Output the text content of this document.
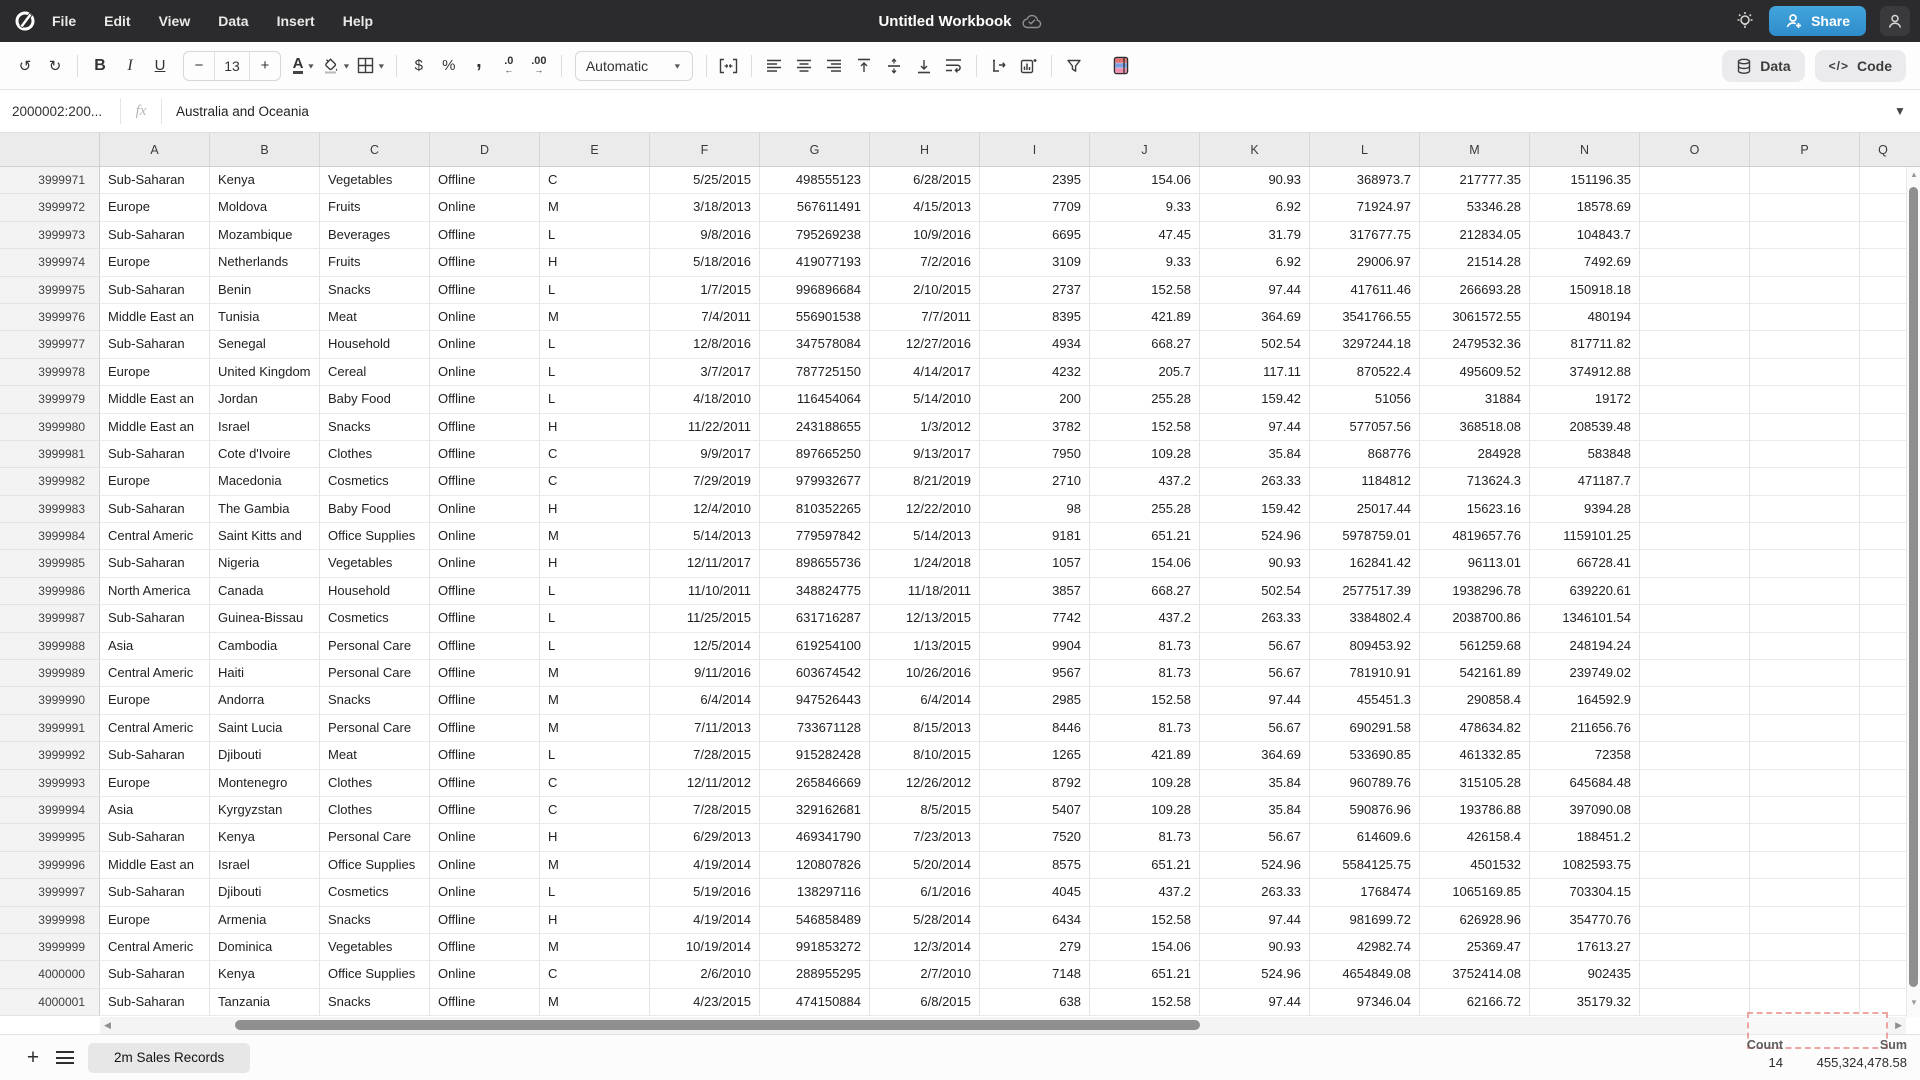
File Edit View Data Insert Help	Untitled Workbook	Share
↺	↻	B	I	U	−	13	+	A ▼	▼	▼	$	%	,	.0
←
.00
→	Automatic	▼	Data	</> Code
2000002:200...	fx	Australia and Oceania	▼
A	B	C	D	E	F	G	H	I	J	K	L	M	N	O	P	Q
3999971	Sub-Saharan	Kenya	Vegetables	Offline	C	5/25/2015	498555123	6/28/2015	2395	154.06	90.93	368973.7	217777.35	151196.35
3999972	Europe	Moldova	Fruits	Online	M	3/18/2013	567611491	4/15/2013	7709	9.33	6.92	71924.97	53346.28	18578.69
3999973	Sub-Saharan	Mozambique	Beverages	Offline	L	9/8/2016	795269238	10/9/2016	6695	47.45	31.79	317677.75	212834.05	104843.7
3999974	Europe	Netherlands	Fruits	Offline	H	5/18/2016	419077193	7/2/2016	3109	9.33	6.92	29006.97	21514.28	7492.69
3999975	Sub-Saharan	Benin	Snacks	Offline	L	1/7/2015	996896684	2/10/2015	2737	152.58	97.44	417611.46	266693.28	150918.18
3999976	Middle East an	Tunisia	Meat	Online	M	7/4/2011	556901538	7/7/2011	8395	421.89	364.69	3541766.55	3061572.55	480194
3999977	Sub-Saharan	Senegal	Household	Online	L	12/8/2016	347578084	12/27/2016	4934	668.27	502.54	3297244.18	2479532.36	817711.82
3999978	Europe	United Kingdom	Cereal	Online	L	3/7/2017	787725150	4/14/2017	4232	205.7	117.11	870522.4	495609.52	374912.88
3999979	Middle East an	Jordan	Baby Food	Offline	L	4/18/2010	116454064	5/14/2010	200	255.28	159.42	51056	31884	19172
3999980	Middle East an	Israel	Snacks	Offline	H	11/22/2011	243188655	1/3/2012	3782	152.58	97.44	577057.56	368518.08	208539.48
3999981	Sub-Saharan	Cote d'Ivoire	Clothes	Offline	C	9/9/2017	897665250	9/13/2017	7950	109.28	35.84	868776	284928	583848
3999982	Europe	Macedonia	Cosmetics	Offline	C	7/29/2019	979932677	8/21/2019	2710	437.2	263.33	1184812	713624.3	471187.7
3999983	Sub-Saharan	The Gambia	Baby Food	Online	H	12/4/2010	810352265	12/22/2010	98	255.28	159.42	25017.44	15623.16	9394.28
3999984	Central Americ	Saint Kitts and	Office Supplies	Online	M	5/14/2013	779597842	5/14/2013	9181	651.21	524.96	5978759.01	4819657.76	1159101.25
3999985	Sub-Saharan	Nigeria	Vegetables	Online	H	12/11/2017	898655736	1/24/2018	1057	154.06	90.93	162841.42	96113.01	66728.41
3999986	North America	Canada	Household	Offline	L	11/10/2011	348824775	11/18/2011	3857	668.27	502.54	2577517.39	1938296.78	639220.61
3999987	Sub-Saharan	Guinea-Bissau	Cosmetics	Offline	L	11/25/2015	631716287	12/13/2015	7742	437.2	263.33	3384802.4	2038700.86	1346101.54
3999988	Asia	Cambodia	Personal Care	Offline	L	12/5/2014	619254100	1/13/2015	9904	81.73	56.67	809453.92	561259.68	248194.24
3999989	Central Americ	Haiti	Personal Care	Offline	M	9/11/2016	603674542	10/26/2016	9567	81.73	56.67	781910.91	542161.89	239749.02
3999990	Europe	Andorra	Snacks	Offline	M	6/4/2014	947526443	6/4/2014	2985	152.58	97.44	455451.3	290858.4	164592.9
3999991	Central Americ	Saint Lucia	Personal Care	Offline	M	7/11/2013	733671128	8/15/2013	8446	81.73	56.67	690291.58	478634.82	211656.76
3999992	Sub-Saharan	Djibouti	Meat	Offline	L	7/28/2015	915282428	8/10/2015	1265	421.89	364.69	533690.85	461332.85	72358
3999993	Europe	Montenegro	Clothes	Offline	C	12/11/2012	265846669	12/26/2012	8792	109.28	35.84	960789.76	315105.28	645684.48
3999994	Asia	Kyrgyzstan	Clothes	Offline	C	7/28/2015	329162681	8/5/2015	5407	109.28	35.84	590876.96	193786.88	397090.08
3999995	Sub-Saharan	Kenya	Personal Care	Online	H	6/29/2013	469341790	7/23/2013	7520	81.73	56.67	614609.6	426158.4	188451.2
3999996	Middle East an	Israel	Office Supplies	Online	M	4/19/2014	120807826	5/20/2014	8575	651.21	524.96	5584125.75	4501532	1082593.75
3999997	Sub-Saharan	Djibouti	Cosmetics	Online	L	5/19/2016	138297116	6/1/2016	4045	437.2	263.33	1768474	1065169.85	703304.15
3999998	Europe	Armenia	Snacks	Offline	H	4/19/2014	546858489	5/28/2014	6434	152.58	97.44	981699.72	626928.96	354770.76
3999999	Central Americ	Dominica	Vegetables	Offline	M	10/19/2014	991853272	12/3/2014	279	154.06	90.93	42982.74	25369.47	17613.27
4000000	Sub-Saharan	Kenya	Office Supplies	Online	C	2/6/2010	288955295	2/7/2010	7148	651.21	524.96	4654849.08	3752414.08	902435
4000001	Sub-Saharan	Tanzania	Snacks	Offline	M	4/23/2015	474150884	6/8/2015	638	152.58	97.44	97346.04	62166.72	35179.32
▲
▼
◀	▶
+	2m Sales Records
Count
14
Sum
455,324,478.58
